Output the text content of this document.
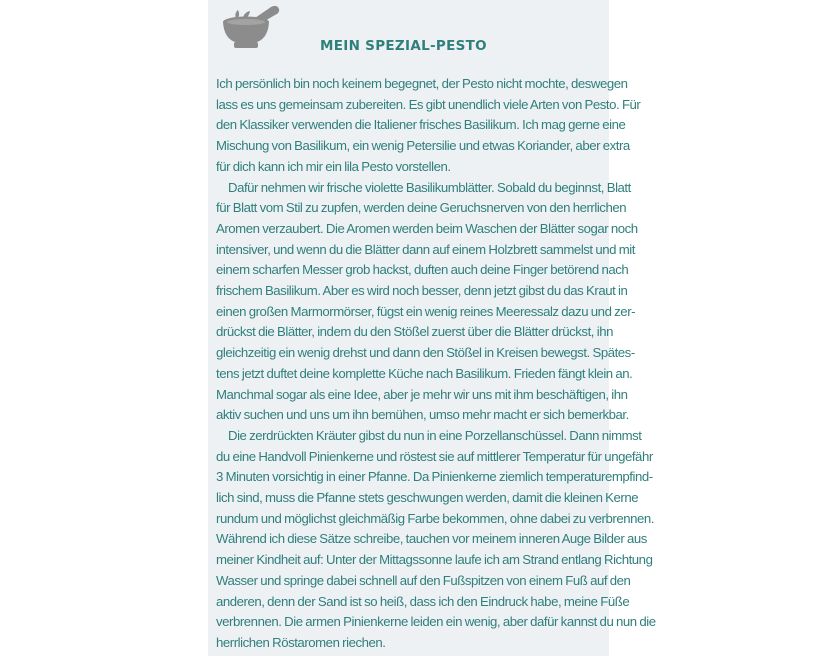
MEIN SPEZIAL-PESTO
Ich persönlich bin noch keinem begegnet, der Pesto nicht mochte, deswegen
lass es uns gemeinsam zubereiten. Es gibt unendlich viele Arten von Pesto. Für
den Klassiker verwenden die Italiener frisches Basilikum. Ich mag gerne eine
Mischung von Basilikum, ein wenig Petersilie und etwas Koriander, aber extra
für dich kann ich mir ein lila Pesto vorstellen.
Dafür nehmen wir frische violette Basilikumblätter. Sobald du beginnst, Blatt
für Blatt vom Stil zu zupfen, werden deine Geruchsnerven von den herrlichen
Aromen verzaubert. Die Aromen werden beim Waschen der Blätter sogar noch
intensiver, und wenn du die Blätter dann auf einem Holzbrett sammelst und mit
einem scharfen Messer grob hackst, duften auch deine Finger betörend nach
frischem Basilikum. Aber es wird noch besser, denn jetzt gibst du das Kraut in
einen großen Marmormörser, fügst ein wenig reines Meeressalz dazu und zer-
drückst die Blätter, indem du den Stößel zuerst über die Blätter drückst, ihn
gleichzeitig ein wenig drehst und dann den Stößel in Kreisen bewegst. Spätes-
tens jetzt duftet deine komplette Küche nach Basilikum. Frieden fängt klein an.
Manchmal sogar als eine Idee, aber je mehr wir uns mit ihm beschäftigen, ihn
aktiv suchen und uns um ihn bemühen, umso mehr macht er sich bemerkbar.
Die zerdrückten Kräuter gibst du nun in eine Porzellanschüssel. Dann nimmst
du eine Handvoll Pinienkerne und röstest sie auf mittlerer Temperatur für ungefähr
3 Minuten vorsichtig in einer Pfanne. Da Pinienkerne ziemlich temperaturempfind-
lich sind, muss die Pfanne stets geschwungen werden, damit die kleinen Kerne
rundum und möglichst gleichmäßig Farbe bekommen, ohne dabei zu verbrennen.
Während ich diese Sätze schreibe, tauchen vor meinem inneren Auge Bilder aus
meiner Kindheit auf: Unter der Mittagssonne laufe ich am Strand entlang Richtung
Wasser und springe dabei schnell auf den Fußspitzen von einem Fuß auf den
anderen, denn der Sand ist so heiß, dass ich den Eindruck habe, meine Füße
verbrennen. Die armen Pinienkerne leiden ein wenig, aber dafür kannst du nun die
herrlichen Röstaromen riechen.
